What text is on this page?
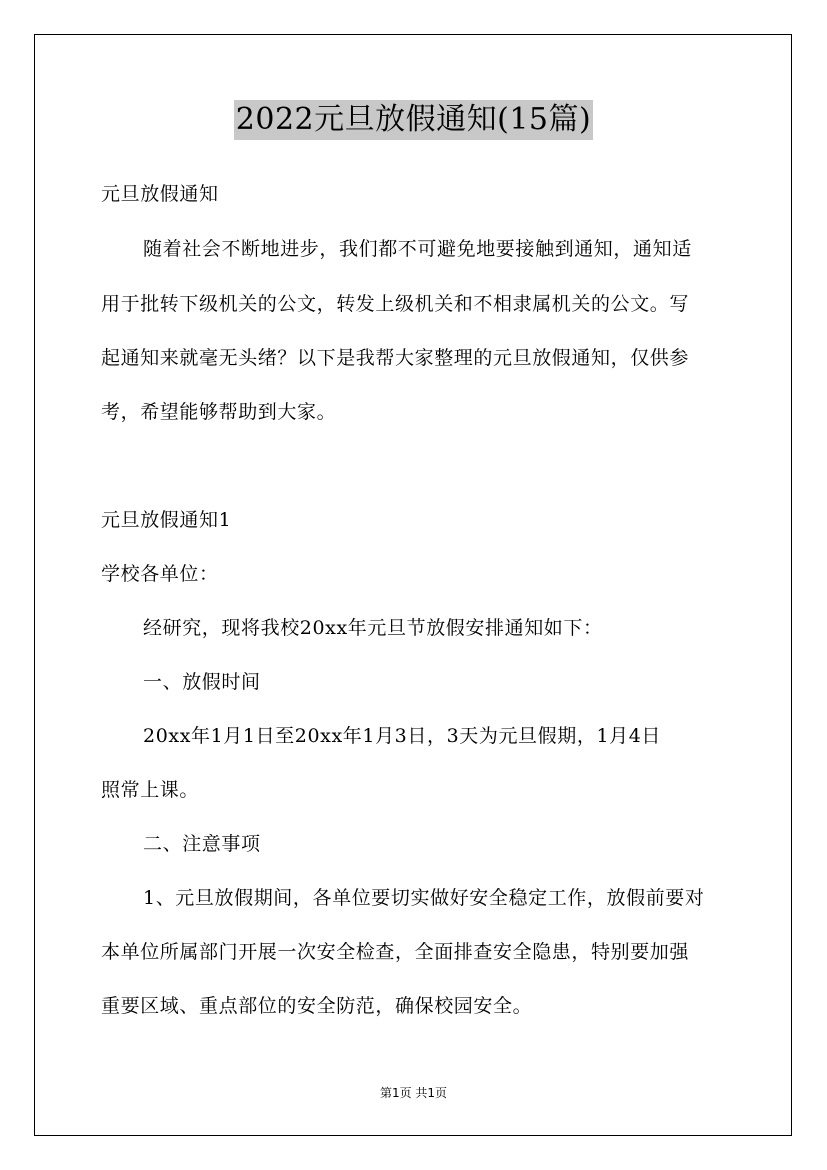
2022元旦放假通知(15篇)
元旦放假通知
随着社会不断地进步，我们都不可避免地要接触到通知，通知适
用于批转下级机关的公文，转发上级机关和不相隶属机关的公文。写
起通知来就毫无头绪？以下是我帮大家整理的元旦放假通知，仅供参
考，希望能够帮助到大家。
元旦放假通知1
学校各单位：
经研究，现将我校20xx年元旦节放假安排通知如下：
一、放假时间
20xx年1月1日至20xx年1月3日，3天为元旦假期，1月4日
照常上课。
二、注意事项
1、元旦放假期间，各单位要切实做好安全稳定工作，放假前要对
本单位所属部门开展一次安全检查，全面排查安全隐患，特别要加强
重要区域、重点部位的安全防范，确保校园安全。
第1页 共1页
